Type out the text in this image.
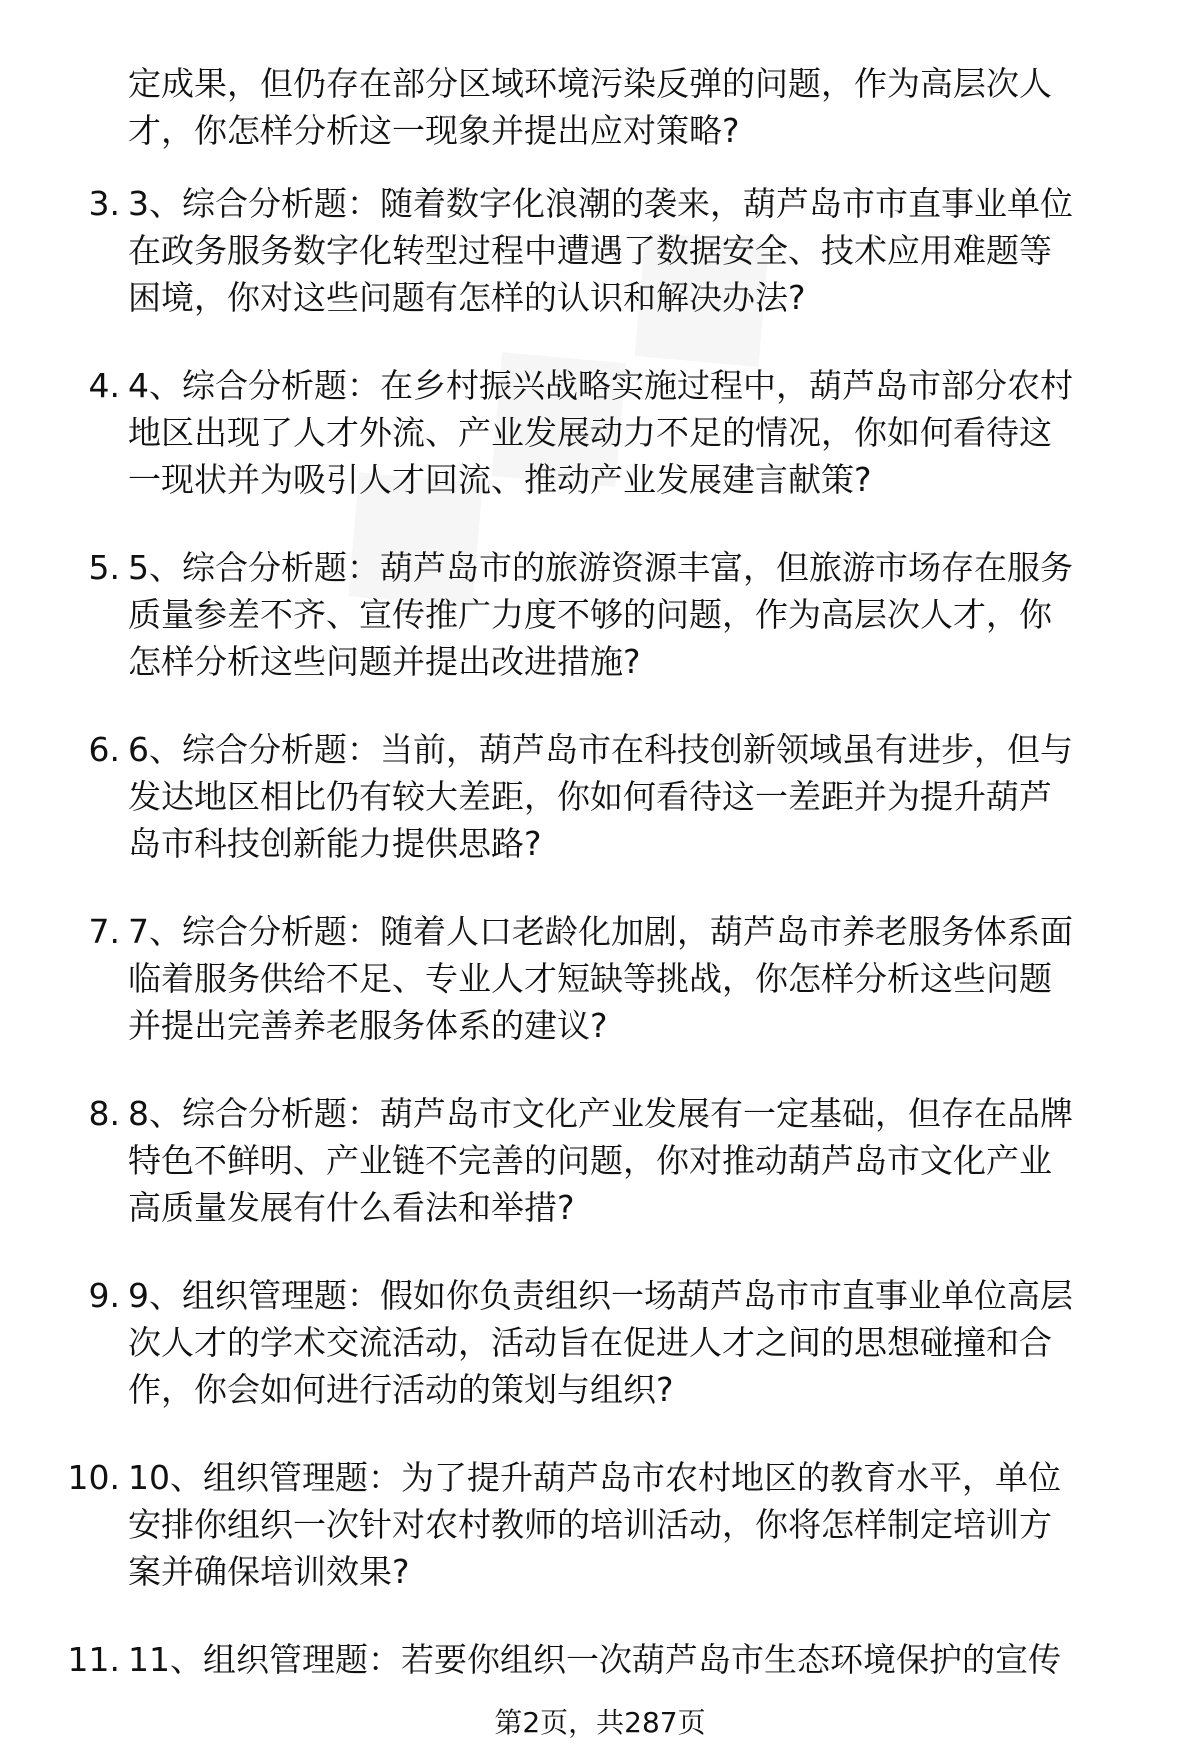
定成果，但仍存在部分区域环境污染反弹的问题，作为高层次人
才，你怎样分析这一现象并提出应对策略?
3. 3、综合分析题：随着数字化浪潮的袭来，葫芦岛市市直事业单位
在政务服务数字化转型过程中遭遇了数据安全、技术应用难题等
困境，你对这些问题有怎样的认识和解决办法?
4. 4、综合分析题：在乡村振兴战略实施过程中，葫芦岛市部分农村
地区出现了人才外流、产业发展动力不足的情况，你如何看待这
一现状并为吸引人才回流、推动产业发展建言献策?
5. 5、综合分析题：葫芦岛市的旅游资源丰富，但旅游市场存在服务
质量参差不齐、宣传推广力度不够的问题，作为高层次人才，你
怎样分析这些问题并提出改进措施?
6. 6、综合分析题：当前，葫芦岛市在科技创新领域虽有进步，但与
发达地区相比仍有较大差距，你如何看待这一差距并为提升葫芦
岛市科技创新能力提供思路?
7. 7、综合分析题：随着人口老龄化加剧，葫芦岛市养老服务体系面
临着服务供给不足、专业人才短缺等挑战，你怎样分析这些问题
并提出完善养老服务体系的建议?
8. 8、综合分析题：葫芦岛市文化产业发展有一定基础，但存在品牌
特色不鲜明、产业链不完善的问题，你对推动葫芦岛市文化产业
高质量发展有什么看法和举措?
9. 9、组织管理题：假如你负责组织一场葫芦岛市市直事业单位高层
次人才的学术交流活动，活动旨在促进人才之间的思想碰撞和合
作，你会如何进行活动的策划与组织?
10. 10、组织管理题：为了提升葫芦岛市农村地区的教育水平，单位
安排你组织一次针对农村教师的培训活动，你将怎样制定培训方
案并确保培训效果?
11. 11、组织管理题：若要你组织一次葫芦岛市生态环境保护的宣传
第2页，共287页
